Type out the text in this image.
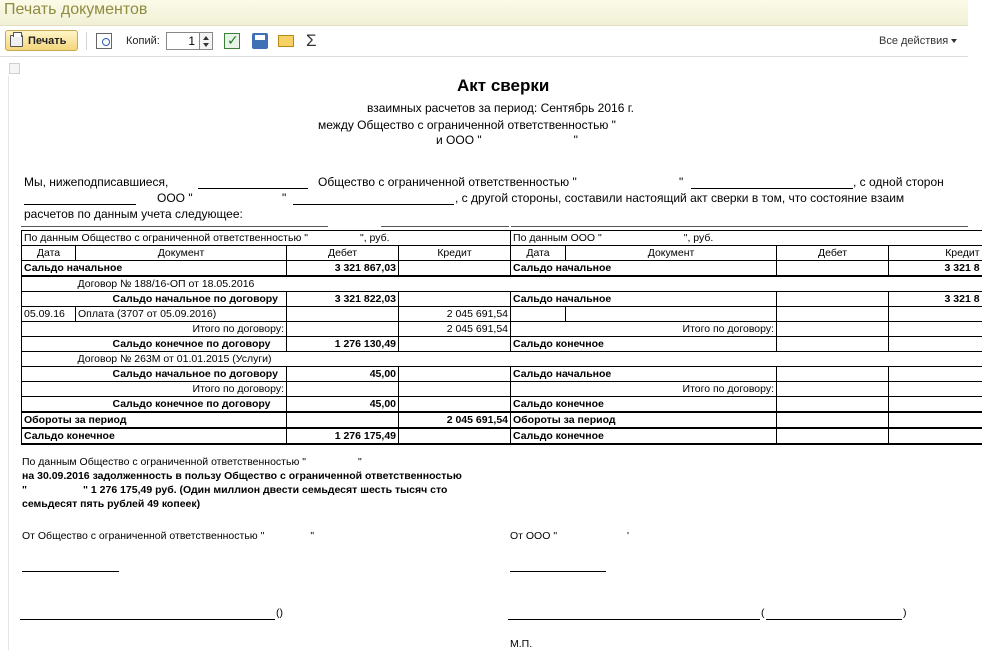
Печать документов
Печать	Копий:	1 ✓	Σ	Все действия
Акт сверки
взаимных расчетов за период: Сентябрь 2016 г.
между Общество с ограниченной ответственностью "
и ООО "	"
Мы, нижеподписавшиеся,	Общество с ограниченной ответственностью "	"	, с одной сторон
ООО "	"	, с другой стороны, составили настоящий акт сверки в том, что состояние взаим
расчетов по данным учета следующее:
По данным Общество с ограниченной ответственностью " ", руб.				По данным ООО " ", руб.			
Дата	Документ	Дебет	Кредит	Дата	Документ	Дебет	Кредит
Сальдо начальное		3 321 867,03		Сальдо начальное			3 321 8
	Договор № 188/16-ОП от 18.05.2016						
	Сальдо начальное по договору	3 321 822,03		Сальдо начальное			3 321 8
05.09.16	Оплата (3707 от 05.09.2016)		2 045 691,54				
	Итого по договору:		2 045 691,54		Итого по договору:		
	Сальдо конечное по договору	1 276 130,49		Сальдо конечное			
	Договор № 263М от 01.01.2015 (Услуги)						
	Сальдо начальное по договору	45,00		Сальдо начальное			
	Итого по договору:				Итого по договору:		
	Сальдо конечное по договору	45,00		Сальдо конечное			
Обороты за период			2 045 691,54	Обороты за период			
Сальдо конечное		1 276 175,49		Сальдо конечное			
По данным Общество с ограниченной ответственностью "	"
на 30.09.2016 задолженность в пользу Общество с ограниченной ответственностью
"	" 1 276 175,49 руб. (Один миллион двести семьдесят шесть тысяч сто
семьдесят пять рублей 49 копеек)
От Общество с ограниченной ответственностью "	"	От ООО "	'
()	(	)
М.П.
